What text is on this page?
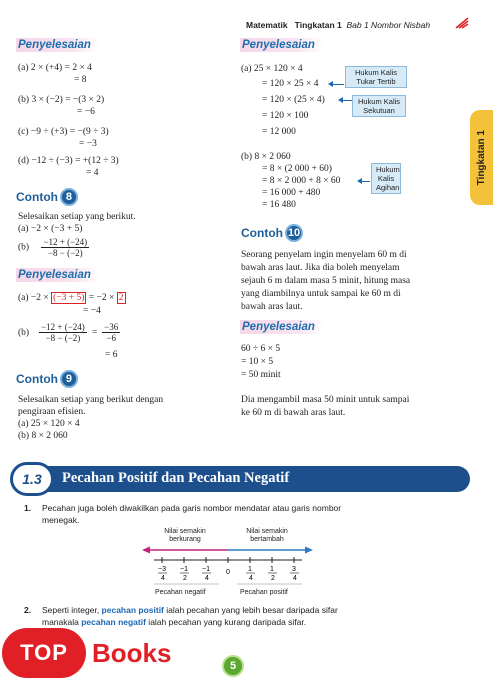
Matematik Tingkatan 1 Bab 1 Nombor Nisbah
Tingkatan 1
Penyelesaian
(a) 2 × (+4) = 2 × 4
= 8
(b) 3 × (−2) = −(3 × 2)
= −6
(c) −9 ÷ (+3) = −(9 ÷ 3)
= −3
(d) −12 ÷ (−3) = +(12 ÷ 3)
= 4
Contoh 8
Selesaikan setiap yang berikut.
(a) −2 × (−3 + 5)
$(b) \frac{-12 + (-24)}{-8 - (-2)}$
Penyelesaian
(a) −2 × (−3 + 5) = −2 × 2
= −4
$(b) \frac{-12 + (-24)}{-8 - (-2)} = \frac{-36}{-6}$
= 6
Contoh 9
Selesaikan setiap yang berikut dengan
pengiraan efisien.
(a) 25 × 120 × 4
(b) 8 × 2 060
Penyelesaian
(a) 25 × 120 × 4
= 120 × 25 × 4
= 120 × (25 × 4)
= 120 × 100
= 12 000
Hukum Kalis Tukar Tertib
Hukum Kalis Sekutuan
(b) 8 × 2 060
= 8 × (2 000 + 60)
= 8 × 2 000 + 8 × 60
= 16 000 + 480
= 16 480
Hukum Kalis Agihan
Contoh 10
Seorang penyelam ingin menyelam 60 m di
bawah aras laut. Jika dia boleh menyelam
sejauh 6 m dalam masa 5 minit, hitung masa
yang diambilnya untuk sampai ke 60 m di
bawah aras laut.
Penyelesaian
60 ÷ 6 × 5
= 10 × 5
= 50 minit
Dia mengambil masa 50 minit untuk sampai
ke 60 m di bawah aras laut.
1.3	Pecahan Positif dan Pecahan Negatif
1. Pecahan juga boleh diwakilkan pada garis nombor mendatar atau garis nombor
menegak.
Nilai semakin berkurang
Nilai semakin bertambah
−3
4
−1
2
−1
4
0	1
4
1
2
3
4
Pecahan negatif	Pecahan positif
2. Seperti integer, pecahan positif ialah pecahan yang lebih besar daripada sifar
manakala pecahan negatif ialah pecahan yang kurang daripada sifar.
5
TOP Books
